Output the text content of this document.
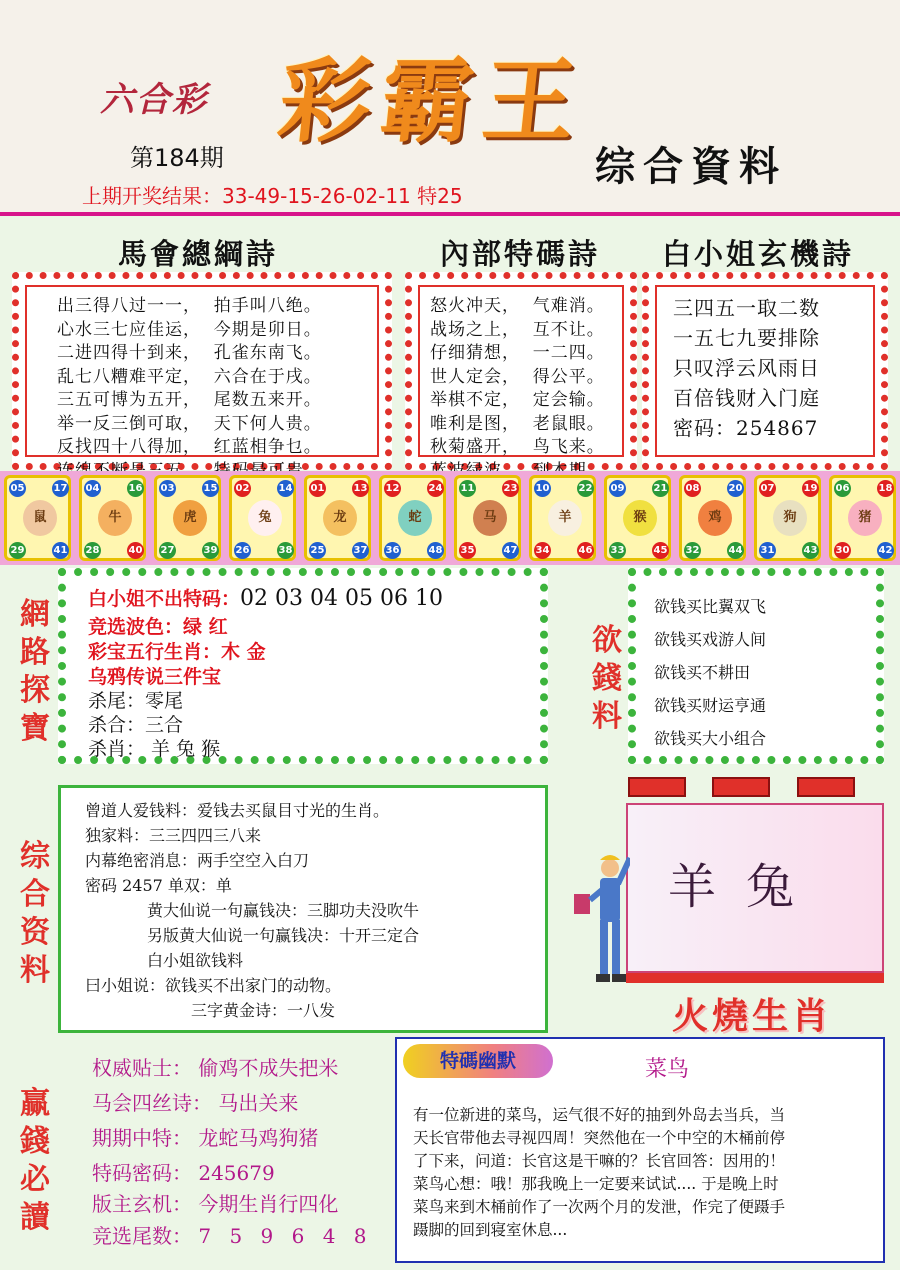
六合彩 彩霸王
第184期	综合資料
上期开奖结果：33-49-15-26-02-11 特25
馬會總綱詩	內部特碼詩 白小姐玄機詩
出三得八过一一，  拍手叫八绝。
心水三七应佳运，  今期是卯日。
二进四得十到来，  孔雀东南飞。
乱七八糟难平定，  六合在于戌。
三五可博为五开，  尾数五来开。
举一反三倒可取，  天下何人贵。
反找四十八得加，  红蓝相争乜。
怒火冲天，  气难消。
战场之上，  互不让。
仔细猜想，  一二四。
世人定会，  得公平。
举棋不定，  定会输。
唯利是图，  老鼠眼。
秋菊盛开，  鸟飞来。
三四五一取二数
一五七九要排除
只叹浮云风雨日
百倍钱财入门庭
密码：254867
05	17
29	41
鼠
04	16
28	40
牛
03	15
27	39
虎
02	14
26	38
兔
01	13
25	37
龙
12	24
36	48
蛇
11	23
35	47
马
10	22
34	46
羊
09	21
33	45
猴
08	20
32	44
鸡
07	19
31	43
狗
06	18
30	42
猪
網路探寶
欲錢料
综合资料
赢錢必讀
白小姐不出特码：02 03 04 05 06 10
竞选波色：绿 红
彩宝五行生肖：木 金
乌鸦传说三件宝
杀尾：零尾
杀合：三合
杀肖： 羊 兔 猴
欲钱买比翼双飞
欲钱买戏游人间
欲钱买不耕田
欲钱买财运亨通
欲钱买大小组合
曾道人爱钱料：爱钱去买鼠目寸光的生肖。
独家料：三三四四三八来
内幕绝密消息：两手空空入白刀
密码 2457 单双：单
黄大仙说一句赢钱决：三脚功夫没吹牛
另版黄大仙说一句赢钱决：十开三定合
白小姐欲钱料
曰小姐说：欲钱买不出家门的动物。
三字黄金诗：一八发
羊兔
火燒生肖
权威贴士： 偷鸡不成失把米
马会四丝诗： 马出关来
期期中特： 龙蛇马鸡狗猪
特码密码： 245679
版主玄机： 今期生肖行四化
竞选尾数： 7 5 9 6 4 8
特碼幽默	菜鸟
有一位新进的菜鸟，运气很不好的抽到外岛去当兵，当
天长官带他去寻视四周！突然他在一个中空的木桶前停
了下来，问道：长官这是干嘛的？长官回答：因用的！
菜鸟心想：哦！那我晚上一定要来试试.... 于是晚上时
菜鸟来到木桶前作了一次两个月的发泄，作完了便蹑手
蹑脚的回到寝室休息...
